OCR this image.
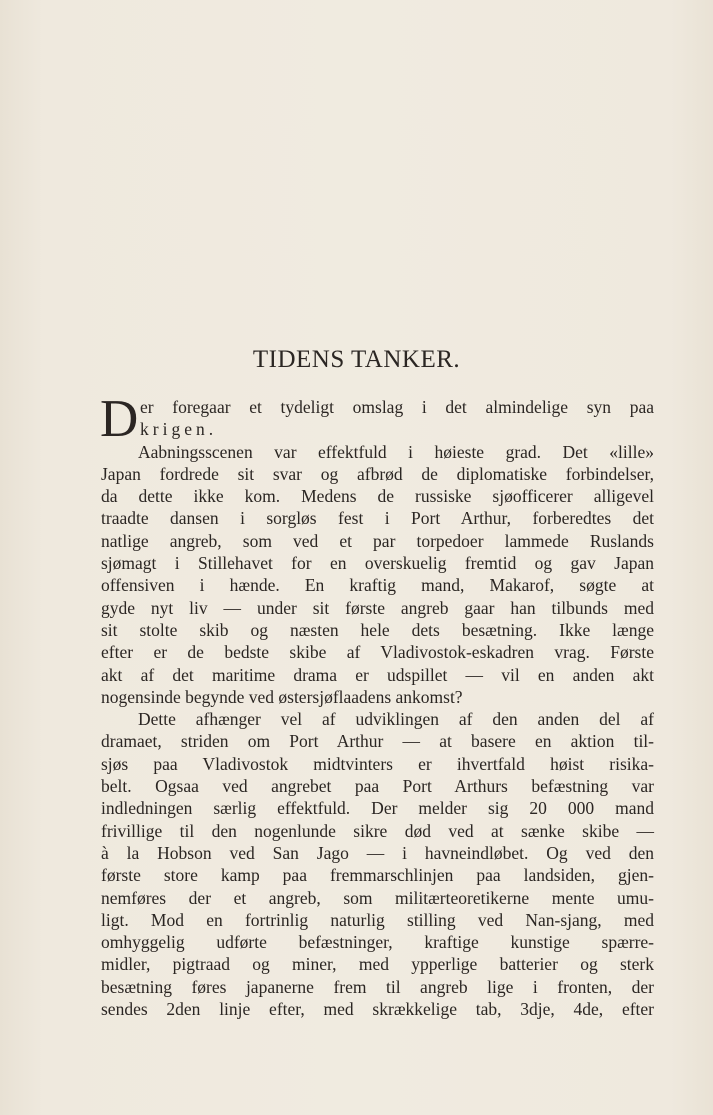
TIDENS TANKER.
D er foregaar et tydeligt omslag i det almindelige syn paa
krigen.
Aabningsscenen var effektfuld i høieste grad. Det «lille»
Japan fordrede sit svar og afbrød de diplomatiske forbindelser,
da dette ikke kom. Medens de russiske sjøofficerer alligevel
traadte dansen i sorgløs fest i Port Arthur, forberedtes det
natlige angreb, som ved et par torpedoer lammede Ruslands
sjømagt i Stillehavet for en overskuelig fremtid og gav Japan
offensiven i hænde. En kraftig mand, Makarof, søgte at
gyde nyt liv — under sit første angreb gaar han tilbunds med
sit stolte skib og næsten hele dets besætning. Ikke længe
efter er de bedste skibe af Vladivostok-eskadren vrag. Første
akt af det maritime drama er udspillet — vil en anden akt
nogensinde begynde ved østersjøflaadens ankomst?
Dette afhænger vel af udviklingen af den anden del af
dramaet, striden om Port Arthur — at basere en aktion til-
sjøs paa Vladivostok midtvinters er ihvertfald høist risika-
belt. Ogsaa ved angrebet paa Port Arthurs befæstning var
indledningen særlig effektfuld. Der melder sig 20 000 mand
frivillige til den nogenlunde sikre død ved at sænke skibe —
à la Hobson ved San Jago — i havneindløbet. Og ved den
første store kamp paa fremmarschlinjen paa landsiden, gjen-
nemføres der et angreb, som militærteoretikerne mente umu-
ligt. Mod en fortrinlig naturlig stilling ved Nan-sjang, med
omhyggelig udførte befæstninger, kraftige kunstige spærre-
midler, pigtraad og miner, med ypperlige batterier og sterk
besætning føres japanerne frem til angreb lige i fronten, der
sendes 2den linje efter, med skrækkelige tab, 3dje, 4de, efter
